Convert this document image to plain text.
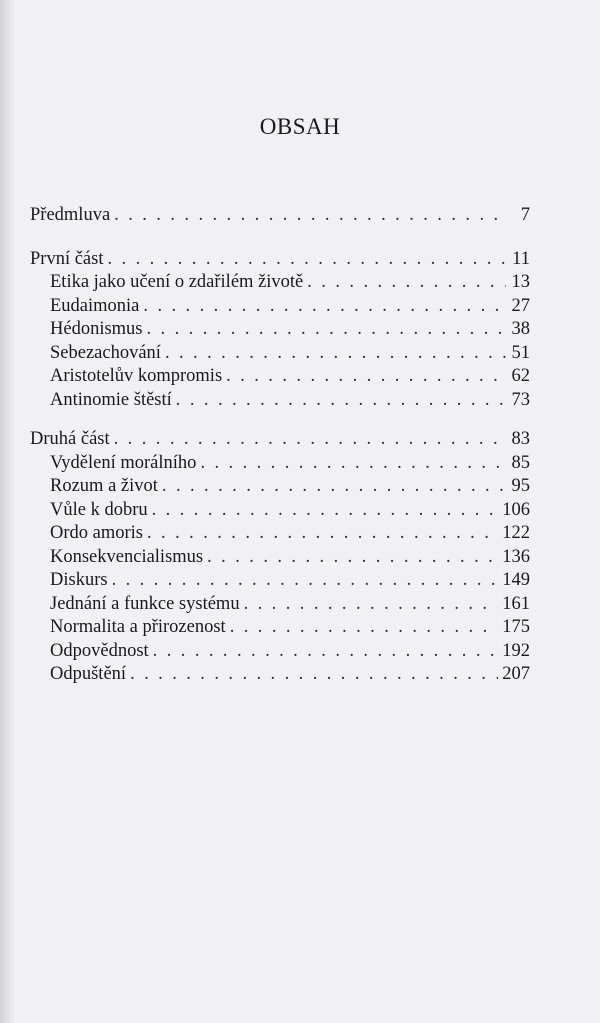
OBSAH
Předmluva . . .	7
První část . . .	11
Etika jako učení o zdařilém životě . . .	13
Eudaimonia . . .	27
Hédonismus . . .	38
Sebezachování . . .	51
Aristotelův kompromis . . .	62
Antinomie štěstí . . .	73
Druhá část . . .	83
Vydělení morálního . . .	85
Rozum a život . . .	95
Vůle k dobru . . .	106
Ordo amoris . . .	122
Konsekvencialismus . . .	136
Diskurs . . .	149
Jednání a funkce systému . . .	161
Normalita a přirozenost . . .	175
Odpovědnost . . .	192
Odpuštění . . .	207
